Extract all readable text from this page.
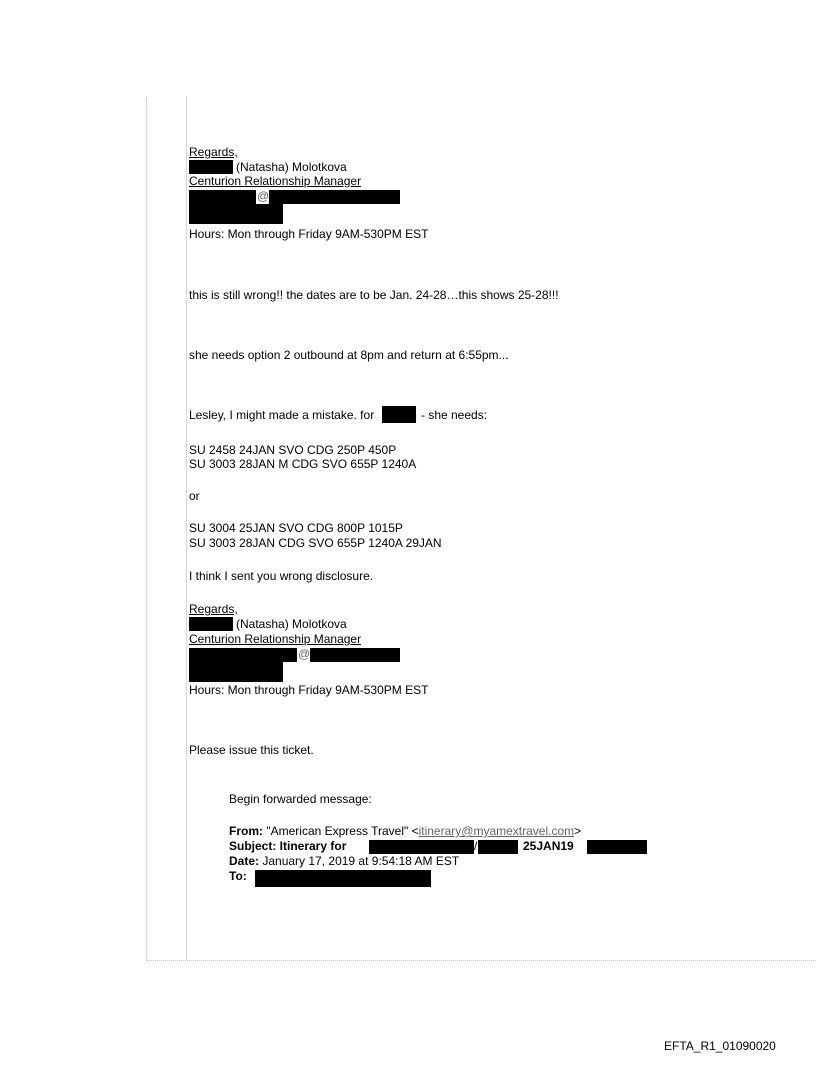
Regards,
(Natasha) Molotkova
Centurion Relationship Manager
@
Hours: Mon through Friday 9AM-530PM EST
this is still wrong!! the dates are to be Jan. 24-28…this shows 25-28!!!
she needs option 2 outbound at 8pm and return at 6:55pm...
Lesley, I might made a mistake. for	- she needs:
SU 2458 24JAN SVO CDG 250P 450P
SU 3003 28JAN M CDG SVO 655P 1240A
or
SU 3004 25JAN SVO CDG 800P 1015P
SU 3003 28JAN CDG SVO 655P 1240A 29JAN
I think I sent you wrong disclosure.
Regards,
(Natasha) Molotkova
Centurion Relationship Manager
@
Hours: Mon through Friday 9AM-530PM EST
Please issue this ticket.
Begin forwarded message:
From: "American Express Travel" <itinerary@myamextravel.com>
Subject: Itinerary for	/	25JAN19
Date: January 17, 2019 at 9:54:18 AM EST
To:
EFTA_R1_01090020
